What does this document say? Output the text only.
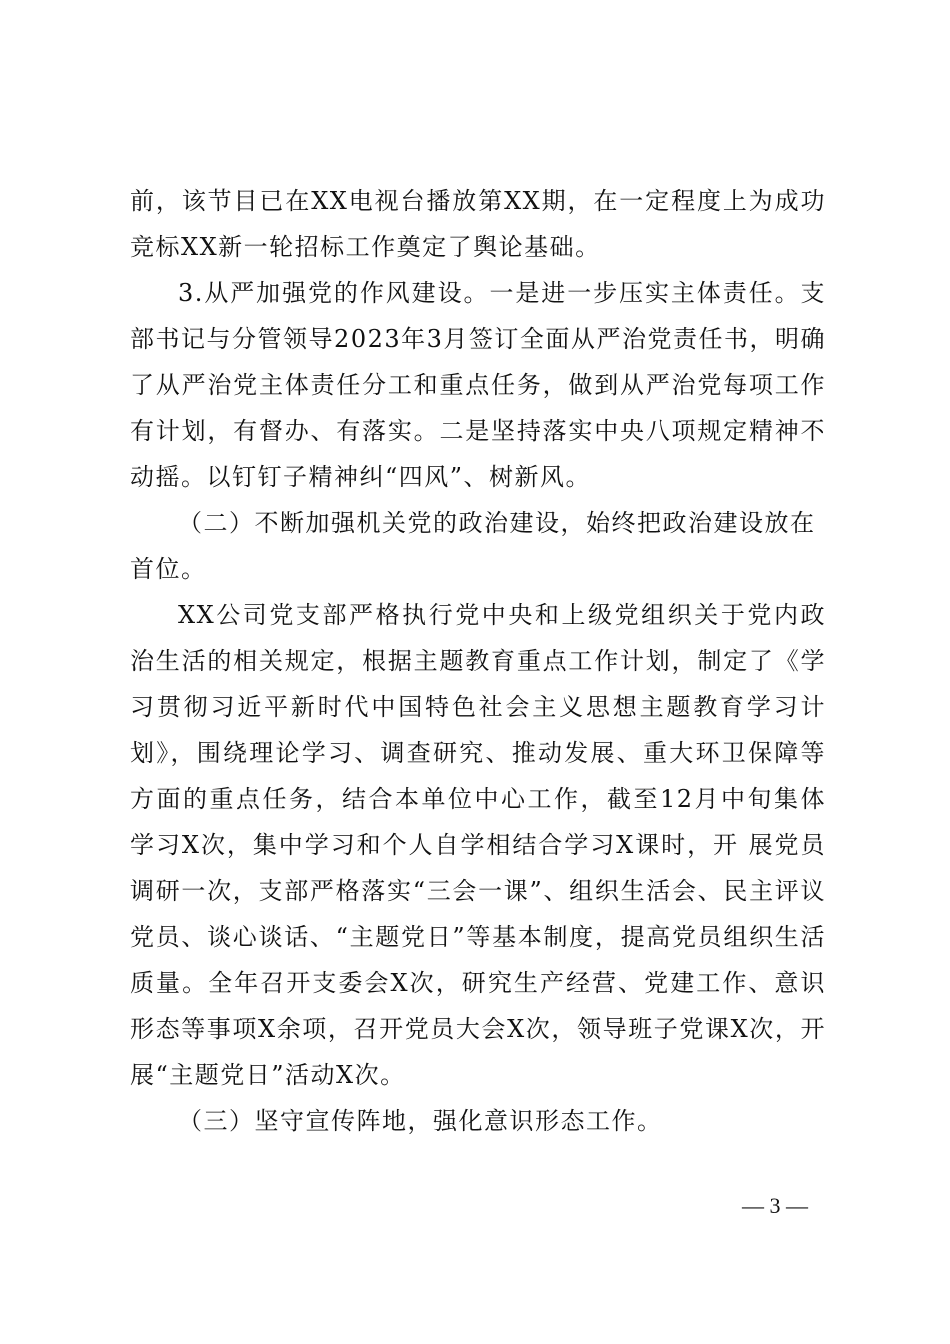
前，该节目已在XX电视台播放第XX期，在一定程度上为成功竞标XX新一轮招标工作奠定了舆论基础。

3.从严加强党的作风建设。一是进一步压实主体责任。支部书记与分管领导2023年3月签订全面从严治党责任书，明确了从严治党主体责任分工和重点任务，做到从严治党每项工作有计划，有督办、有落实。二是坚持落实中央八项规定精神不动摇。以钉钉子精神纠“四风”、树新风。

（二）不断加强机关党的政治建设，始终把政治建设放在首位。

XX公司党支部严格执行党中央和上级党组织关于党内政治生活的相关规定，根据主题教育重点工作计划，制定了《学习贯彻习近平新时代中国特色社会主义思想主题教育学习计划》，围绕理论学习、调查研究、推动发展、重大环卫保障等方面的重点任务，结合本单位中心工作，截至12月中旬集体学习X次，集中学习和个人自学相结合学习X课时，开 展党员调研一次，支部严格落实“三会一课”、组织生活会、民主评议党员、谈心谈话、“主题党日”等基本制度，提高党员组织生活质量。全年召开支委会X次，研究生产经营、党建工作、意识形态等事项X余项，召开党员大会X次，领导班子党课X次，开展“主题党日”活动X次。

（三）坚守宣传阵地，强化意识形态工作。

— 3 —
